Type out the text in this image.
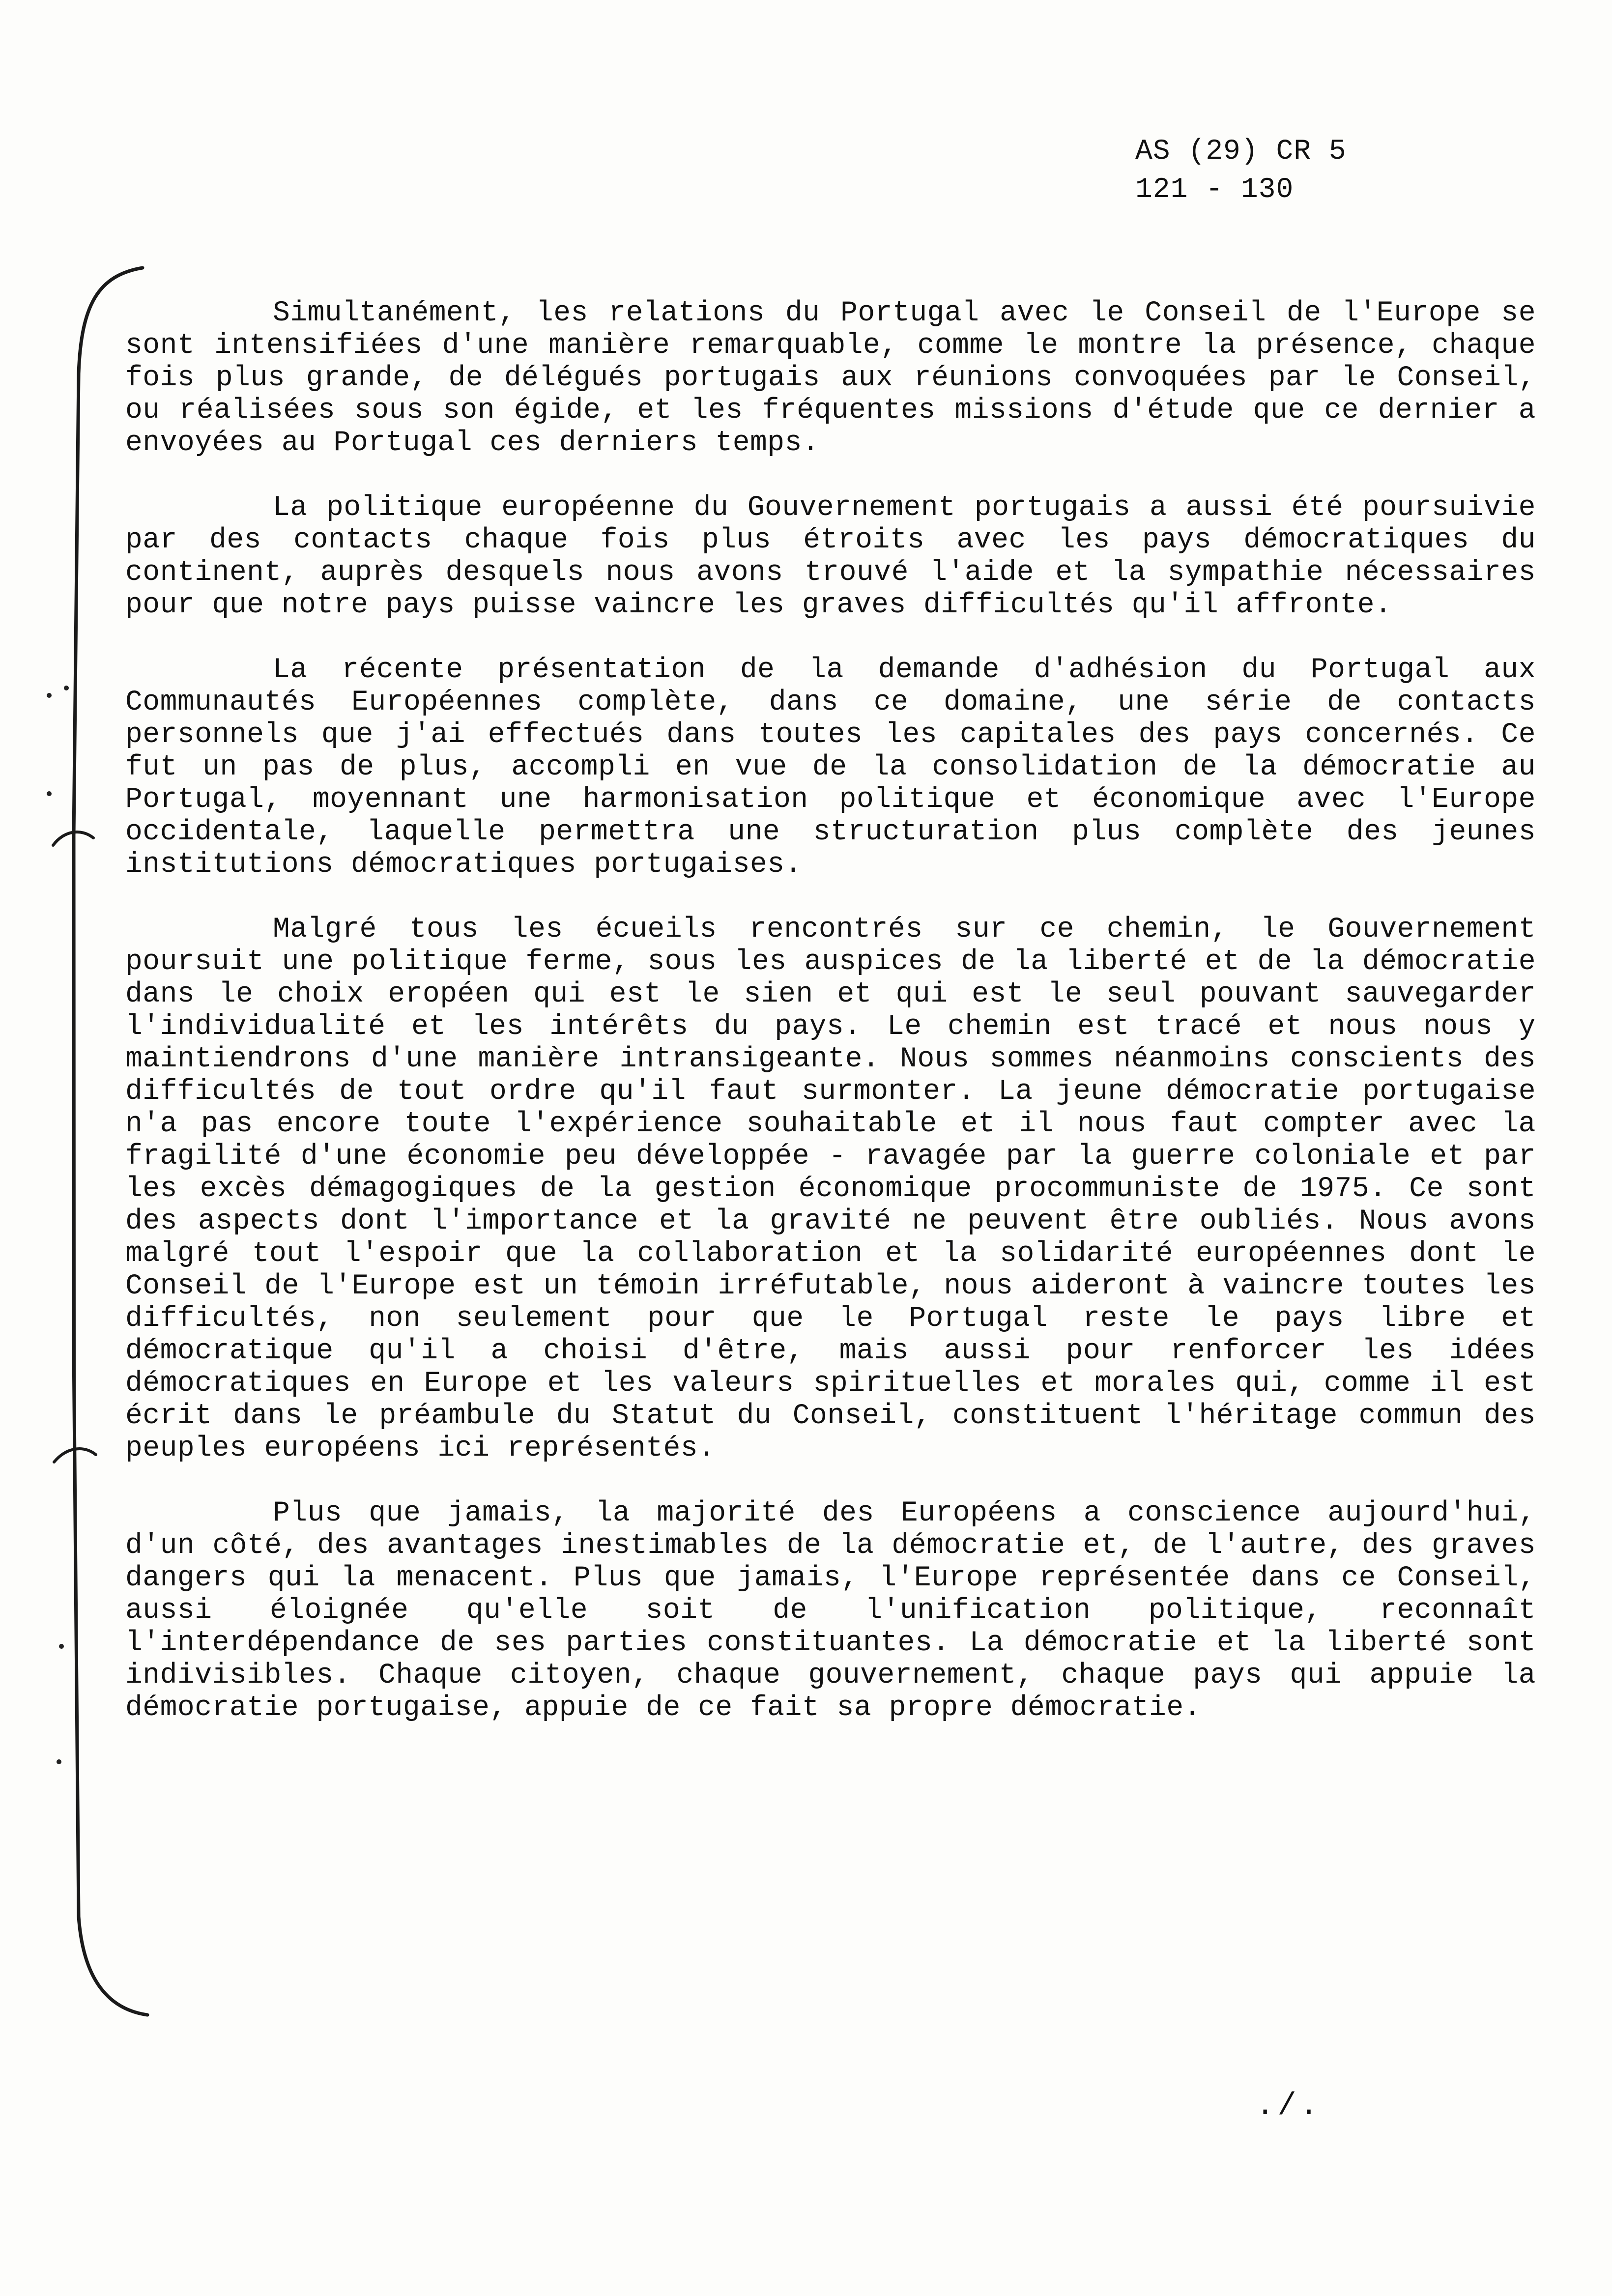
AS (29) CR 5
121 - 130

Simultanément, les relations du Portugal avec le Conseil de l'Europe se sont intensifiées d'une manière remarquable, comme le montre la présence, chaque fois plus grande, de délégués portugais aux réunions convoquées par le Conseil, ou réalisées sous son égide, et les fréquentes missions d'étude que ce dernier a envoyées au Portugal ces derniers temps.

La politique européenne du Gouvernement portugais a aussi été poursuivie par des contacts chaque fois plus étroits avec les pays démocratiques du continent, auprès desquels nous avons trouvé l'aide et la sympathie nécessaires pour que notre pays puisse vaincre les graves difficultés qu'il affronte.

La récente présentation de la demande d'adhésion du Portugal aux Communautés Européennes complète, dans ce domaine, une série de contacts personnels que j'ai effectués dans toutes les capitales des pays concernés. Ce fut un pas de plus, accompli en vue de la consolidation de la démocratie au Portugal, moyennant une harmonisation politique et économique avec l'Europe occidentale, laquelle permettra une structuration plus complète des jeunes institutions démocratiques portugaises.

Malgré tous les écueils rencontrés sur ce chemin, le Gouvernement poursuit une politique ferme, sous les auspices de la liberté et de la démocratie dans le choix eropéen qui est le sien et qui est le seul pouvant sauvegarder l'individualité et les intérêts du pays. Le chemin est tracé et nous nous y maintiendrons d'une manière intransigeante. Nous sommes néanmoins conscients des difficultés de tout ordre qu'il faut surmonter. La jeune démocratie portugaise n'a pas encore toute l'expérience souhaitable et il nous faut compter avec la fragilité d'une économie peu développée - ravagée par la guerre coloniale et par les excès démagogiques de la gestion économique procommuniste de 1975. Ce sont des aspects dont l'importance et la gravité ne peuvent être oubliés. Nous avons malgré tout l'espoir que la collaboration et la solidarité européennes dont le Conseil de l'Europe est un témoin irréfutable, nous aideront à vaincre toutes les difficultés, non seulement pour que le Portugal reste le pays libre et démocratique qu'il a choisi d'être, mais aussi pour renforcer les idées démocratiques en Europe et les valeurs spirituelles et morales qui, comme il est écrit dans le préambule du Statut du Conseil, constituent l'héritage commun des peuples européens ici représentés.

Plus que jamais, la majorité des Européens a conscience aujourd'hui, d'un côté, des avantages inestimables de la démocratie et, de l'autre, des graves dangers qui la menacent. Plus que jamais, l'Europe représentée dans ce Conseil, aussi éloignée qu'elle soit de l'unification politique, reconnaît l'interdépendance de ses parties constituantes. La démocratie et la liberté sont indivisibles. Chaque citoyen, chaque gouvernement, chaque pays qui appuie la démocratie portugaise, appuie de ce fait sa propre démocratie.

./.
